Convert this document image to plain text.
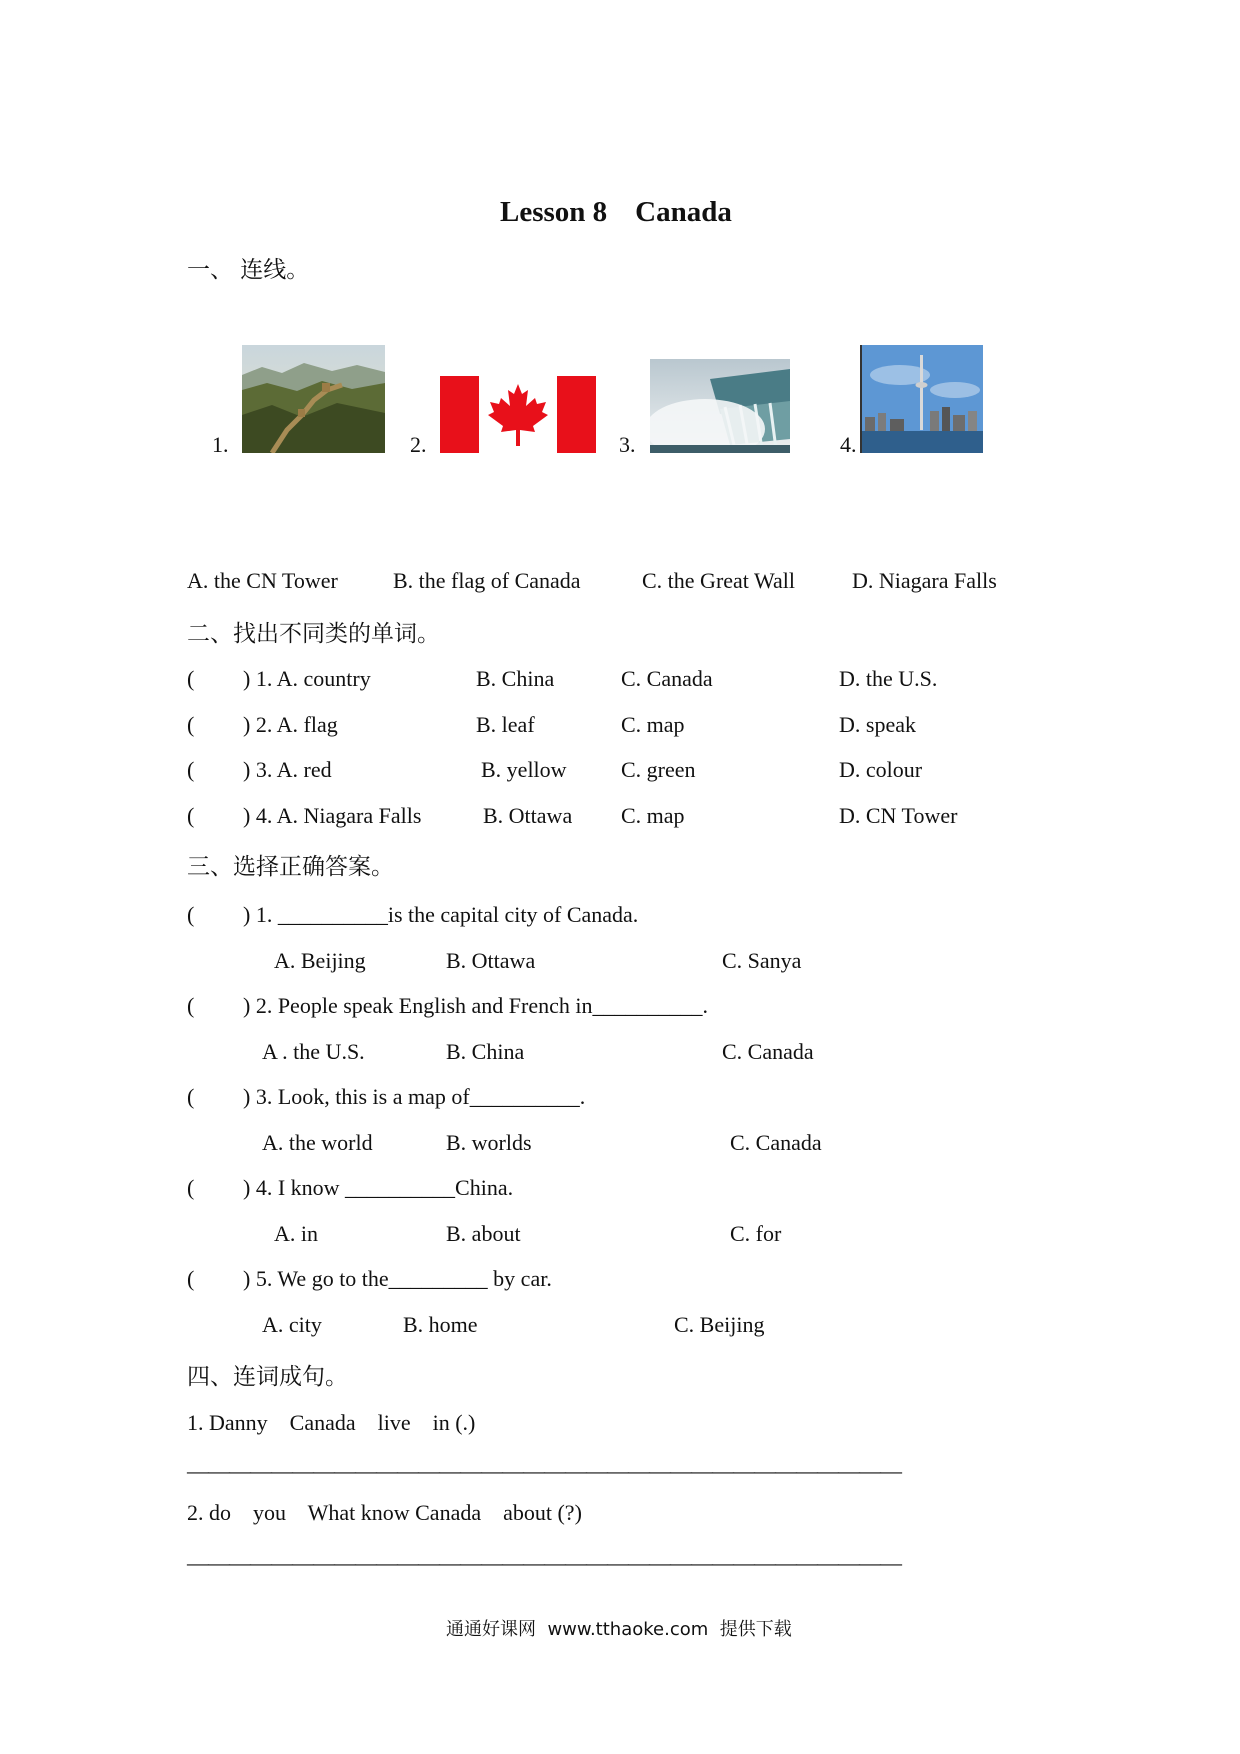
Lesson 8 Canada
一、 连线。
1.	2.	3.	4.
A. the CN Tower	B. the flag of Canada	C. the Great Wall	D. Niagara Falls
二、找出不同类的单词。
( ) 1. A. country	B. China	C. Canada	D. the U.S.
( ) 2. A. flag	B. leaf	C. map	D. speak
( ) 3. A. red	B. yellow C. green	D. colour
( ) 4. A. Niagara Falls	B. Ottawa C. map	D. CN Tower
三、选择正确答案。
( ) 1. __________is the capital city of Canada.
A. Beijing	B. Ottawa	C. Sanya
( ) 2. People speak English and French in__________.
A . the U.S.	B. China	C. Canada
( ) 3. Look, this is a map of__________.
A. the world	B. worlds	C. Canada
( ) 4. I know __________China.
A. in	B. about	C. for
( ) 5. We go to the_________ by car.
A. city	B. home	C. Beijing
四、连词成句。
1. Danny    Canada    live    in (.)
——————————————————————————————————
2. do    you    What know Canada    about (?)
——————————————————————————————————
通通好课网  www.tthaoke.com  提供下载
